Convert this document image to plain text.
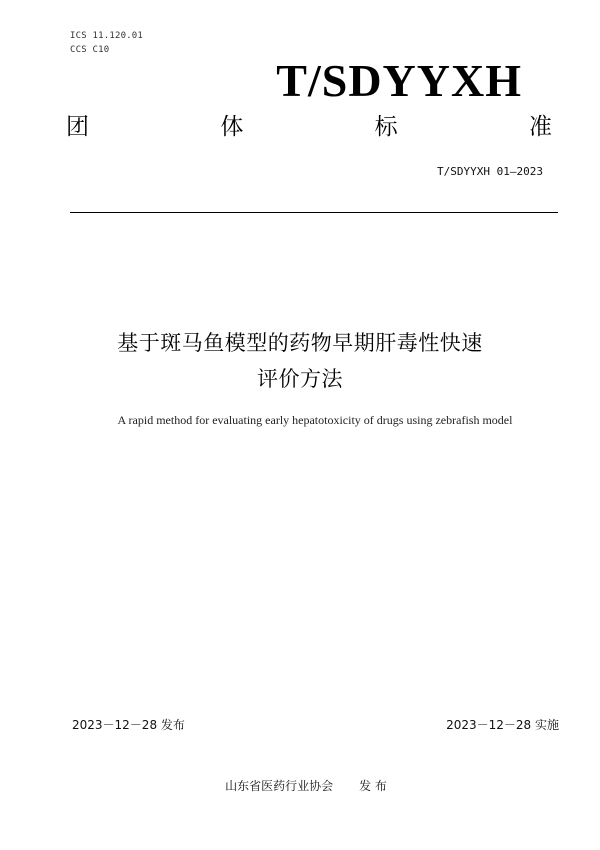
ICS 11.120.01
CCS C10
T/SDYYXH
团	体	标	准
T/SDYYXH 01—2023
基于斑马鱼模型的药物早期肝毒性快速
评价方法
A rapid method for evaluating early hepatotoxicity of drugs using zebrafish model
2023－12－28 发布	2023－12－28 实施
山东省医药行业协会 发 布
